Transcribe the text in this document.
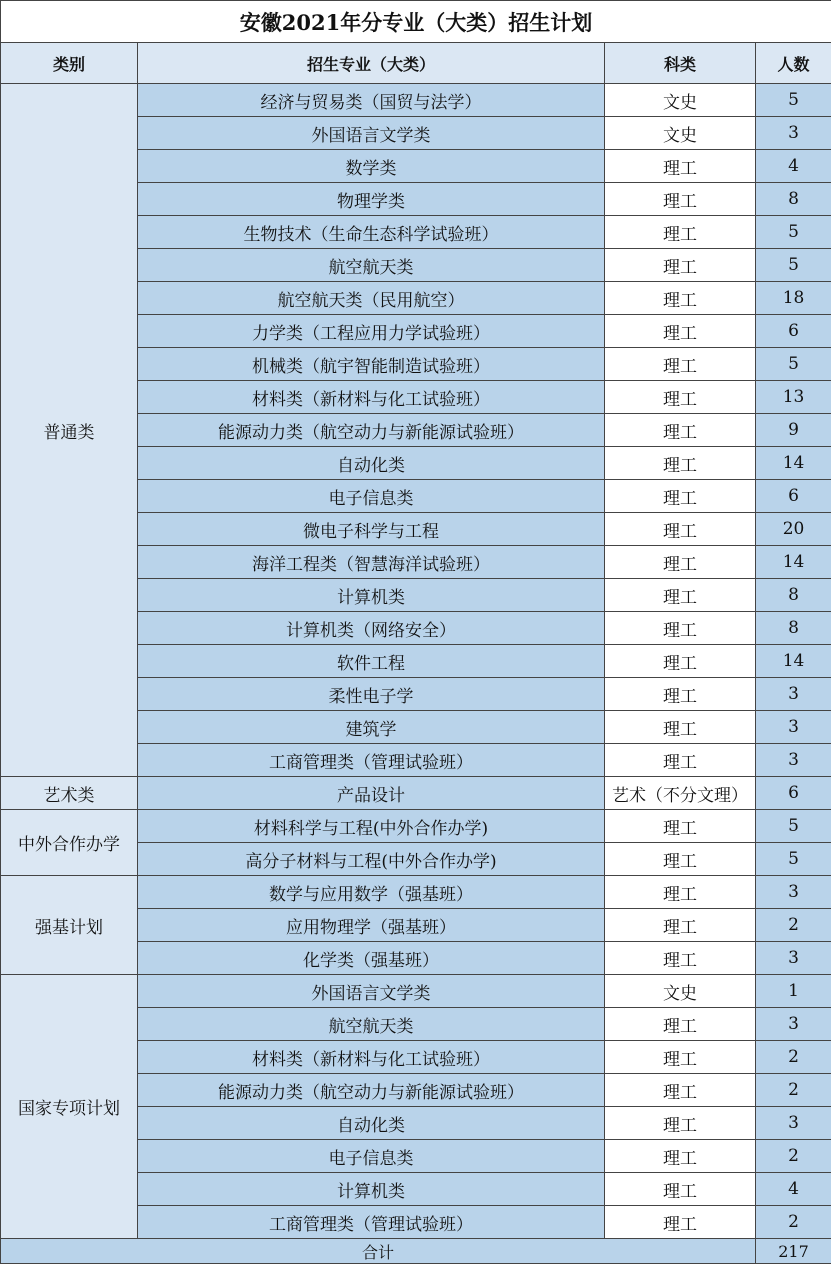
安徽2021年分专业（大类）招生计划			
类别	招生专业（大类）	科类	人数
普通类	经济与贸易类（国贸与法学）	文史	5
	外国语言文学类	文史	3
	数学类	理工	4
	物理学类	理工	8
	生物技术（生命生态科学试验班）	理工	5
	航空航天类	理工	5
	航空航天类（民用航空）	理工	18
	力学类（工程应用力学试验班）	理工	6
	机械类（航宇智能制造试验班）	理工	5
	材料类（新材料与化工试验班）	理工	13
	能源动力类（航空动力与新能源试验班）	理工	9
	自动化类	理工	14
	电子信息类	理工	6
	微电子科学与工程	理工	20
	海洋工程类（智慧海洋试验班）	理工	14
	计算机类	理工	8
	计算机类（网络安全）	理工	8
	软件工程	理工	14
	柔性电子学	理工	3
	建筑学	理工	3
	工商管理类（管理试验班）	理工	3
艺术类	产品设计	艺术（不分文理）	6
中外合作办学	材料科学与工程(中外合作办学)	理工	5
	高分子材料与工程(中外合作办学)	理工	5
强基计划	数学与应用数学（强基班）	理工	3
	应用物理学（强基班）	理工	2
	化学类（强基班）	理工	3
国家专项计划	外国语言文学类	文史	1
	航空航天类	理工	3
	材料类（新材料与化工试验班）	理工	2
	能源动力类（航空动力与新能源试验班）	理工	2
	自动化类	理工	3
	电子信息类	理工	2
	计算机类	理工	4
	工商管理类（管理试验班）	理工	2
合计			217
